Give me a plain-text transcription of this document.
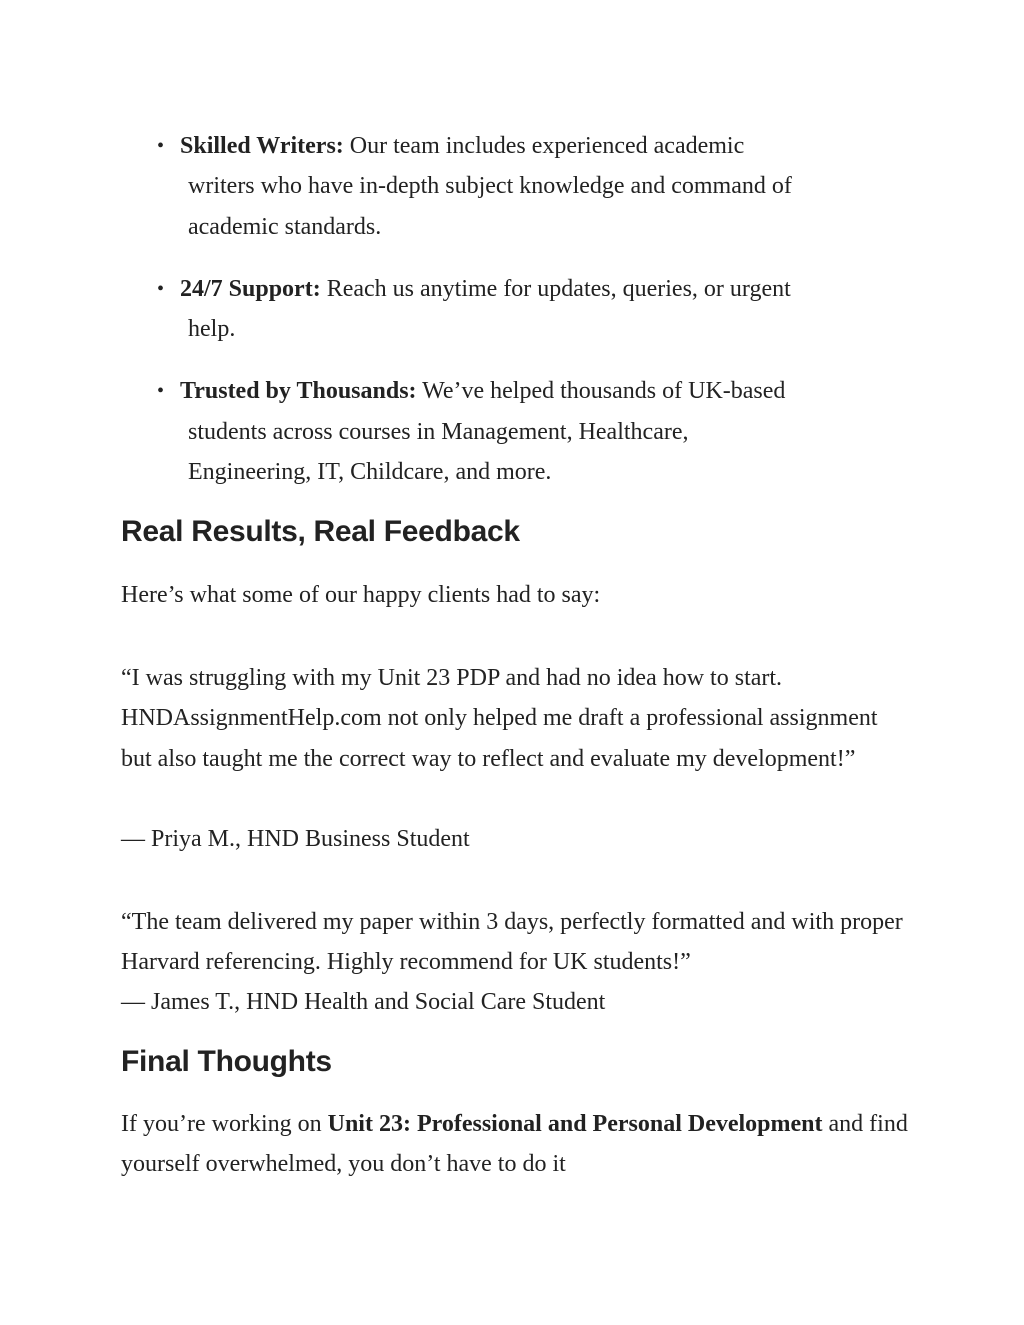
• Skilled Writers: Our team includes experienced academic
writers who have in-depth subject knowledge and command of academic standards.
• 24/7 Support: Reach us anytime for updates, queries, or urgent
help.
• Trusted by Thousands: We’ve helped thousands of UK-based
students across courses in Management, Healthcare, Engineering, IT, Childcare, and more.
Real Results, Real Feedback

Here’s what some of our happy clients had to say:

“I was struggling with my Unit 23 PDP and had no idea how to start. HNDAssignmentHelp.com not only helped me draft a professional assignment but also taught me the correct way to reflect and evaluate my development!”

— Priya M., HND Business Student

“The team delivered my paper within 3 days, perfectly formatted and with proper Harvard referencing. Highly recommend for UK students!”

— James T., HND Health and Social Care Student

Final Thoughts

If you’re working on Unit 23: Professional and Personal Development and find yourself overwhelmed, you don’t have to do it
